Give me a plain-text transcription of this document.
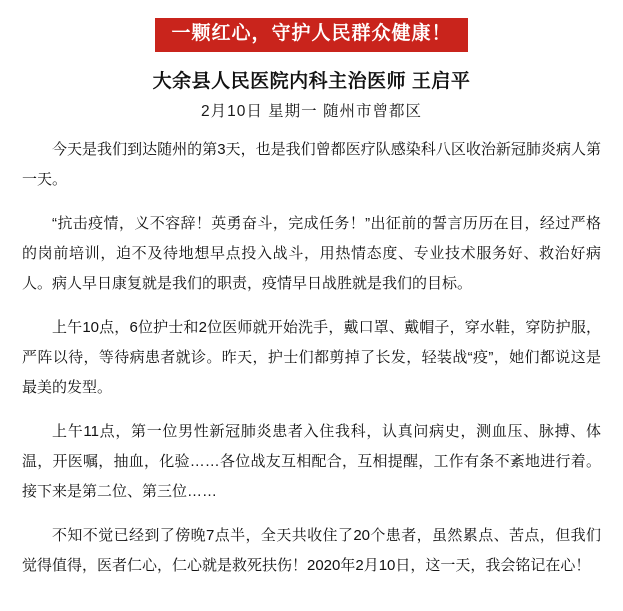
一颗红心，守护人民群众健康！
大余县人民医院内科主治医师 王启平
2月10日 星期一 随州市曾都区

今天是我们到达随州的第3天，也是我们曾都医疗队感染科八区收治新冠肺炎病人第一天。

“抗击疫情，义不容辞！英勇奋斗，完成任务！”出征前的誓言历历在目，经过严格的岗前培训，迫不及待地想早点投入战斗，用热情态度、专业技术服务好、救治好病人。病人早日康复就是我们的职责，疫情早日战胜就是我们的目标。

上午10点，6位护士和2位医师就开始洗手，戴口罩、戴帽子，穿水鞋，穿防护服，严阵以待，等待病患者就诊。昨天，护士们都剪掉了长发，轻装战“疫”，她们都说这是最美的发型。

上午11点，第一位男性新冠肺炎患者入住我科，认真问病史，测血压、脉搏、体温，开医嘱，抽血，化验……各位战友互相配合，互相提醒，工作有条不紊地进行着。接下来是第二位、第三位……

不知不觉已经到了傍晚7点半，全天共收住了20个患者，虽然累点、苦点，但我们觉得值得，医者仁心，仁心就是救死扶伤！2020年2月10日，这一天，我会铭记在心！
